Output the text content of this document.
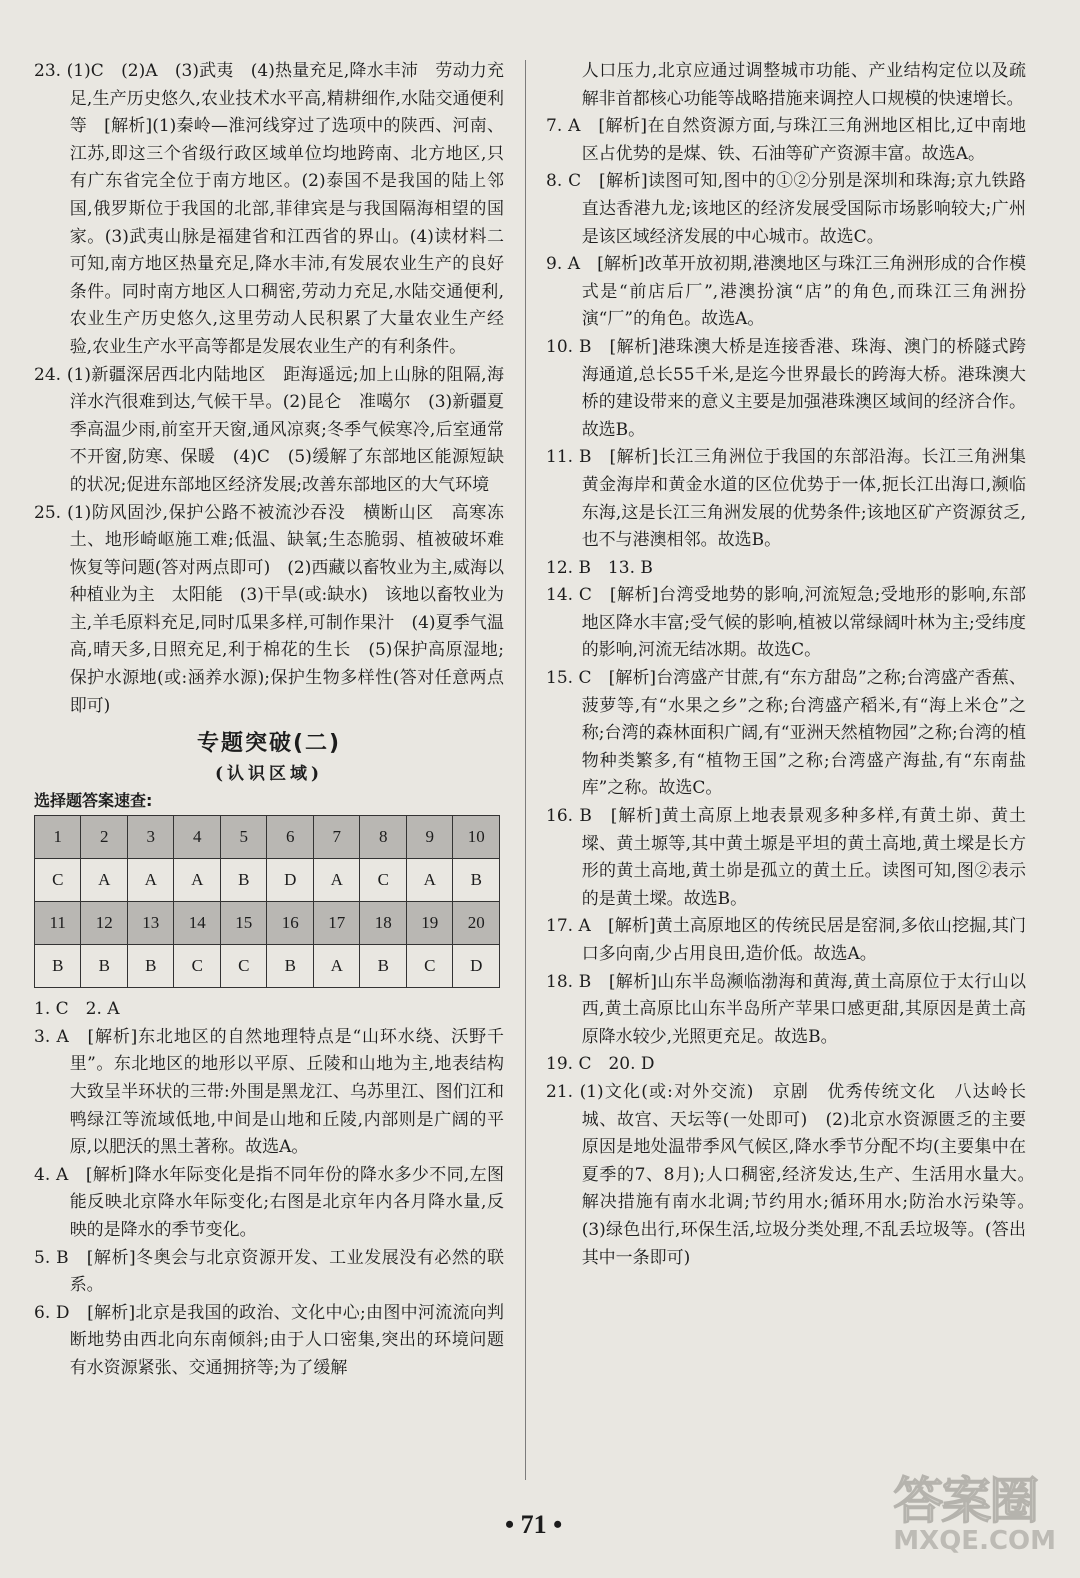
23. (1)C　(2)A　(3)武夷　(4)热量充足,降水丰沛　劳动力充足,生产历史悠久,农业技术水平高,精耕细作,水陆交通便利等　[解析](1)秦岭—淮河线穿过了选项中的陕西、河南、江苏,即这三个省级行政区域单位均地跨南、北方地区,只有广东省完全位于南方地区。(2)泰国不是我国的陆上邻国,俄罗斯位于我国的北部,菲律宾是与我国隔海相望的国家。(3)武夷山脉是福建省和江西省的界山。(4)读材料二可知,南方地区热量充足,降水丰沛,有发展农业生产的良好条件。同时南方地区人口稠密,劳动力充足,水陆交通便利,农业生产历史悠久,这里劳动人民积累了大量农业生产经验,农业生产水平高等都是发展农业生产的有利条件。

24. (1)新疆深居西北内陆地区　距海遥远;加上山脉的阻隔,海洋水汽很难到达,气候干旱。(2)昆仑　准噶尔　(3)新疆夏季高温少雨,前室开天窗,通风凉爽;冬季气候寒冷,后室通常不开窗,防寒、保暖　(4)C　(5)缓解了东部地区能源短缺的状况;促进东部地区经济发展;改善东部地区的大气环境

25. (1)防风固沙,保护公路不被流沙吞没　横断山区　高寒冻土、地形崎岖施工难;低温、缺氧;生态脆弱、植被破坏难恢复等问题(答对两点即可)　(2)西藏以畜牧业为主,威海以种植业为主　太阳能　(3)干旱(或:缺水)　该地以畜牧业为主,羊毛原料充足,同时瓜果多样,可制作果汁　(4)夏季气温高,晴天多,日照充足,利于棉花的生长　(5)保护高原湿地;保护水源地(或:涵养水源);保护生物多样性(答对任意两点即可)

专题突破(二)
(认识区域)
选择题答案速查:
1	2	3	4	5	6	7	8	9	10
C	A	A	A	B	D	A	C	A	B
11	12	13	14	15	16	17	18	19	20
B	B	B	C	C	B	A	B	C	D

1. C　2. A

3. A　[解析]东北地区的自然地理特点是“山环水绕、沃野千里”。东北地区的地形以平原、丘陵和山地为主,地表结构大致呈半环状的三带:外围是黑龙江、乌苏里江、图们江和鸭绿江等流域低地,中间是山地和丘陵,内部则是广阔的平原,以肥沃的黑土著称。故选A。

4. A　[解析]降水年际变化是指不同年份的降水多少不同,左图能反映北京降水年际变化;右图是北京年内各月降水量,反映的是降水的季节变化。

5. B　[解析]冬奥会与北京资源开发、工业发展没有必然的联系。

6. D　[解析]北京是我国的政治、文化中心;由图中河流流向判断地势由西北向东南倾斜;由于人口密集,突出的环境问题有水资源紧张、交通拥挤等;为了缓解

人口压力,北京应通过调整城市功能、产业结构定位以及疏解非首都核心功能等战略措施来调控人口规模的快速增长。

7. A　[解析]在自然资源方面,与珠江三角洲地区相比,辽中南地区占优势的是煤、铁、石油等矿产资源丰富。故选A。

8. C　[解析]读图可知,图中的①②分别是深圳和珠海;京九铁路直达香港九龙;该地区的经济发展受国际市场影响较大;广州是该区域经济发展的中心城市。故选C。

9. A　[解析]改革开放初期,港澳地区与珠江三角洲形成的合作模式是“前店后厂”,港澳扮演“店”的角色,而珠江三角洲扮演“厂”的角色。故选A。

10. B　[解析]港珠澳大桥是连接香港、珠海、澳门的桥隧式跨海通道,总长55千米,是迄今世界最长的跨海大桥。港珠澳大桥的建设带来的意义主要是加强港珠澳区域间的经济合作。故选B。

11. B　[解析]长江三角洲位于我国的东部沿海。长江三角洲集黄金海岸和黄金水道的区位优势于一体,扼长江出海口,濒临东海,这是长江三角洲发展的优势条件;该地区矿产资源贫乏,也不与港澳相邻。故选B。

12. B　13. B

14. C　[解析]台湾受地势的影响,河流短急;受地形的影响,东部地区降水丰富;受气候的影响,植被以常绿阔叶林为主;受纬度的影响,河流无结冰期。故选C。

15. C　[解析]台湾盛产甘蔗,有“东方甜岛”之称;台湾盛产香蕉、菠萝等,有“水果之乡”之称;台湾盛产稻米,有“海上米仓”之称;台湾的森林面积广阔,有“亚洲天然植物园”之称;台湾的植物种类繁多,有“植物王国”之称;台湾盛产海盐,有“东南盐库”之称。故选C。

16. B　[解析]黄土高原上地表景观多种多样,有黄土峁、黄土墚、黄土塬等,其中黄土塬是平坦的黄土高地,黄土墚是长方形的黄土高地,黄土峁是孤立的黄土丘。读图可知,图②表示的是黄土墚。故选B。

17. A　[解析]黄土高原地区的传统民居是窑洞,多依山挖掘,其门口多向南,少占用良田,造价低。故选A。

18. B　[解析]山东半岛濒临渤海和黄海,黄土高原位于太行山以西,黄土高原比山东半岛所产苹果口感更甜,其原因是黄土高原降水较少,光照更充足。故选B。

19. C　20. D

21. (1)文化(或:对外交流)　京剧　优秀传统文化　八达岭长城、故宫、天坛等(一处即可)　(2)北京水资源匮乏的主要原因是地处温带季风气候区,降水季节分配不均(主要集中在夏季的7、8月);人口稠密,经济发达,生产、生活用水量大。　解决措施有南水北调;节约用水;循环用水;防治水污染等。　(3)绿色出行,环保生活,垃圾分类处理,不乱丢垃圾等。(答出其中一条即可)

• 71 •	答案圈
MXQE.COM
